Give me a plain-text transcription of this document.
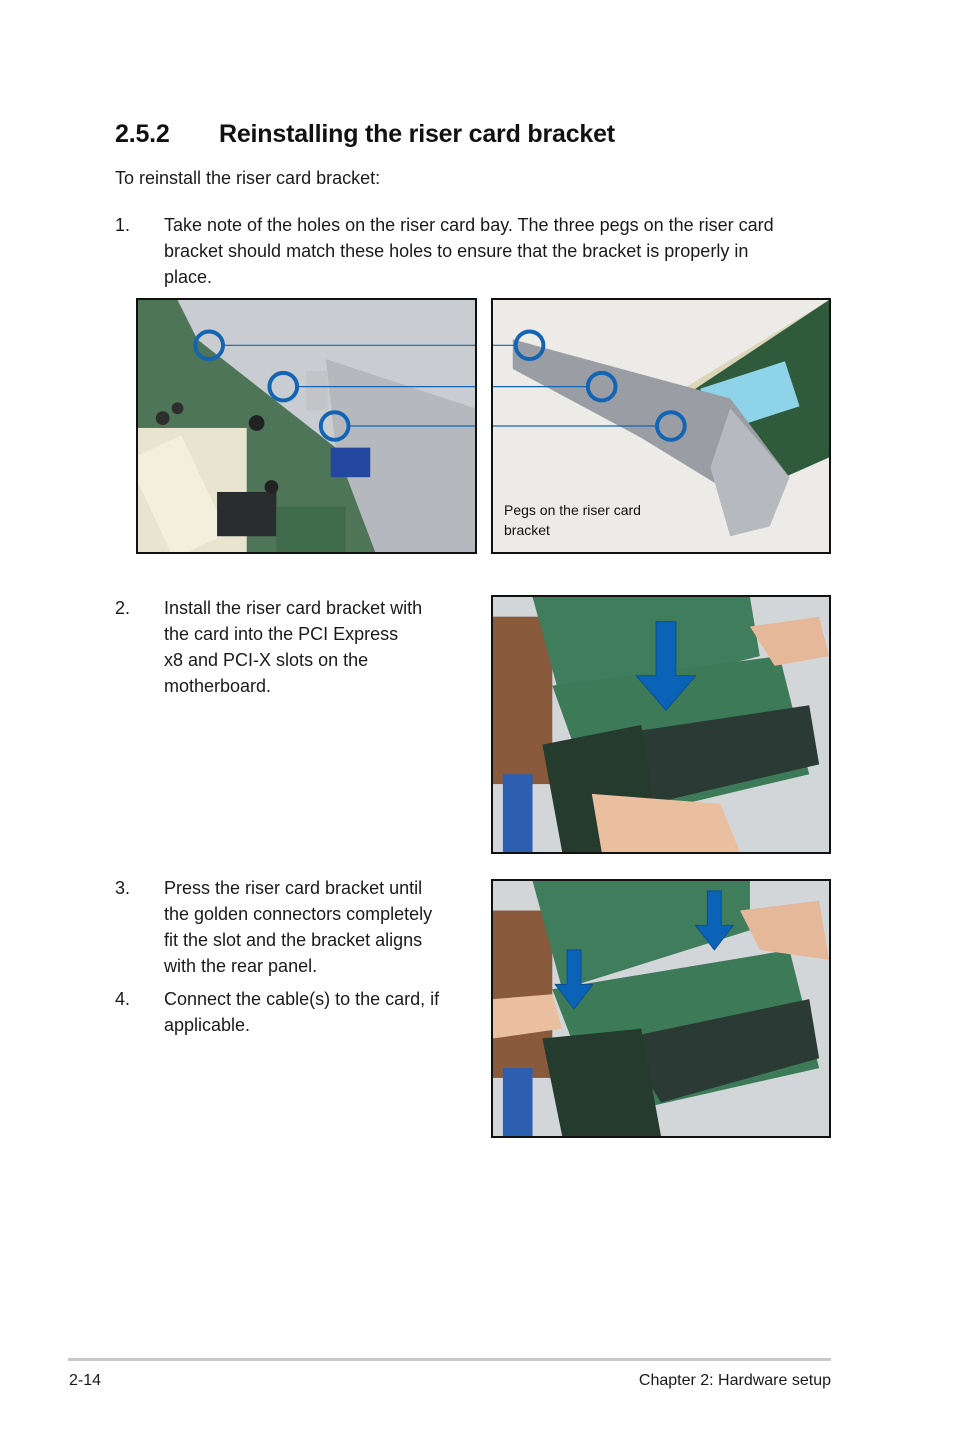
2.5.2	Reinstalling the riser card bracket
To reinstall the riser card bracket:
1.	Take note of the holes on the riser card bay. The three pegs on the riser card
bracket should match these holes to ensure that the bracket is properly in
place.
Pegs on the riser card
bracket
2.	Install the riser card bracket with
the card into the PCI Express
x8 and PCI-X slots on the
motherboard.
3.	Press the riser card bracket until
the golden connectors completely
fit the slot and the bracket aligns
with the rear panel.
4.	Connect the cable(s) to the card, if
applicable.
2-14	Chapter 2: Hardware setup
